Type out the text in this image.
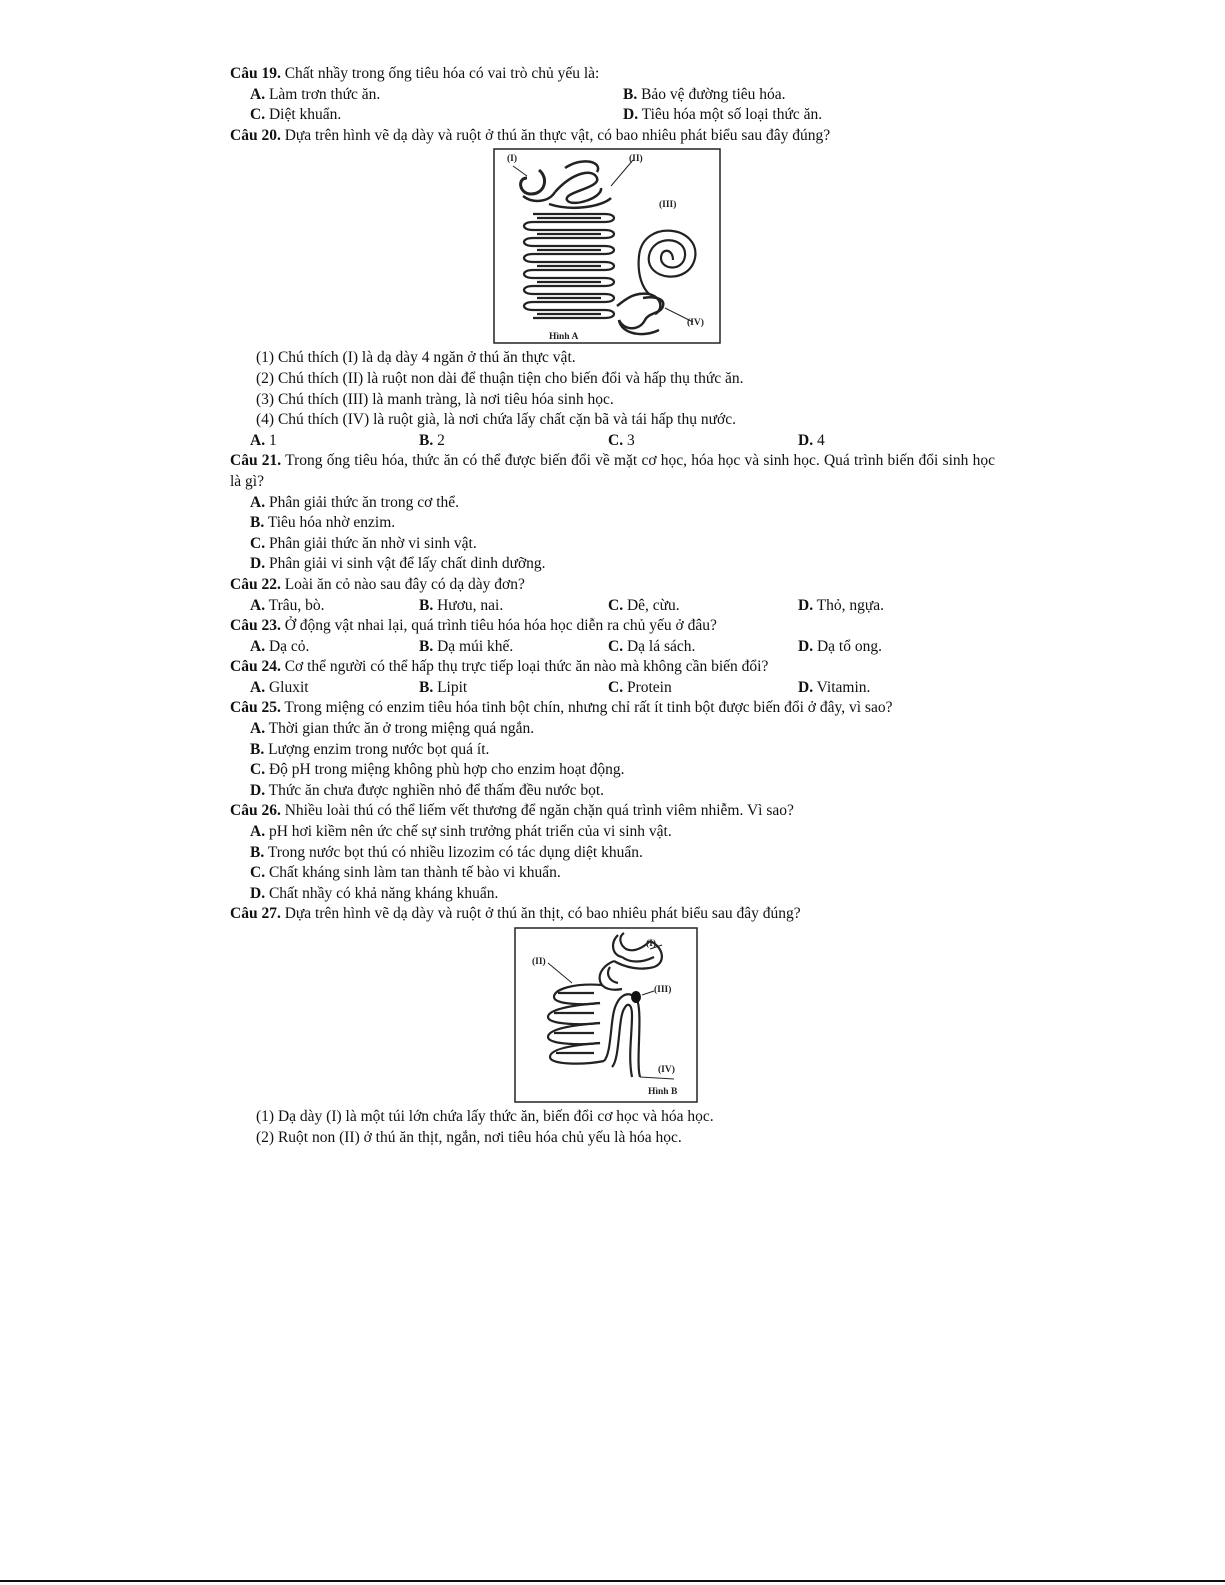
Câu 19. Chất nhầy trong ống tiêu hóa có vai trò chủ yếu là:
A. Làm trơn thức ăn.	B. Bảo vệ đường tiêu hóa.
C. Diệt khuẩn.	D. Tiêu hóa một số loại thức ăn.
Câu 20. Dựa trên hình vẽ dạ dày và ruột ở thú ăn thực vật, có bao nhiêu phát biểu sau đây đúng?
(I)	(II)
(III)
(IV)
Hình A
(1) Chú thích (I) là dạ dày 4 ngăn ở thú ăn thực vật.
(2) Chú thích (II) là ruột non dài để thuận tiện cho biến đổi và hấp thụ thức ăn.
(3) Chú thích (III) là manh tràng, là nơi tiêu hóa sinh học.
(4) Chú thích (IV) là ruột già, là nơi chứa lấy chất cặn bã và tái hấp thụ nước.
A. 1	B. 2	C. 3	D. 4
Câu 21. Trong ống tiêu hóa, thức ăn có thể được biến đổi về mặt cơ học, hóa học và sinh học. Quá trình biến đổi sinh học là gì?
A. Phân giải thức ăn trong cơ thể.
B. Tiêu hóa nhờ enzim.
C. Phân giải thức ăn nhờ vi sinh vật.
D. Phân giải vi sinh vật để lấy chất dinh dưỡng.
Câu 22. Loài ăn cỏ nào sau đây có dạ dày đơn?
A. Trâu, bò.	B. Hươu, nai.	C. Dê, cừu.	D. Thỏ, ngựa.
Câu 23. Ở động vật nhai lại, quá trình tiêu hóa hóa học diễn ra chủ yếu ở đâu?
A. Dạ cỏ.	B. Dạ múi khế.	C. Dạ lá sách.	D. Dạ tổ ong.
Câu 24. Cơ thể người có thể hấp thụ trực tiếp loại thức ăn nào mà không cần biến đổi?
A. Gluxit	B. Lipit	C. Protein	D. Vitamin.
Câu 25. Trong miệng có enzim tiêu hóa tinh bột chín, nhưng chỉ rất ít tinh bột được biến đổi ở đây, vì sao?
A. Thời gian thức ăn ở trong miệng quá ngắn.
B. Lượng enzim trong nước bọt quá ít.
C. Độ pH trong miệng không phù hợp cho enzim hoạt động.
D. Thức ăn chưa được nghiền nhỏ để thấm đều nước bọt.
Câu 26. Nhiều loài thú có thể liếm vết thương để ngăn chặn quá trình viêm nhiễm. Vì sao?
A. pH hơi kiềm nên ức chế sự sinh trưởng phát triển của vi sinh vật.
B. Trong nước bọt thú có nhiều lizozim có tác dụng diệt khuẩn.
C. Chất kháng sinh làm tan thành tế bào vi khuẩn.
D. Chất nhầy có khả năng kháng khuẩn.
Câu 27. Dựa trên hình vẽ dạ dày và ruột ở thú ăn thịt, có bao nhiêu phát biểu sau đây đúng?
(I)
(II)
(III)
(IV)
Hình B
(1) Dạ dày (I) là một túi lớn chứa lấy thức ăn, biến đổi cơ học và hóa học.
(2) Ruột non (II) ở thú ăn thịt, ngắn, nơi tiêu hóa chủ yếu là hóa học.
